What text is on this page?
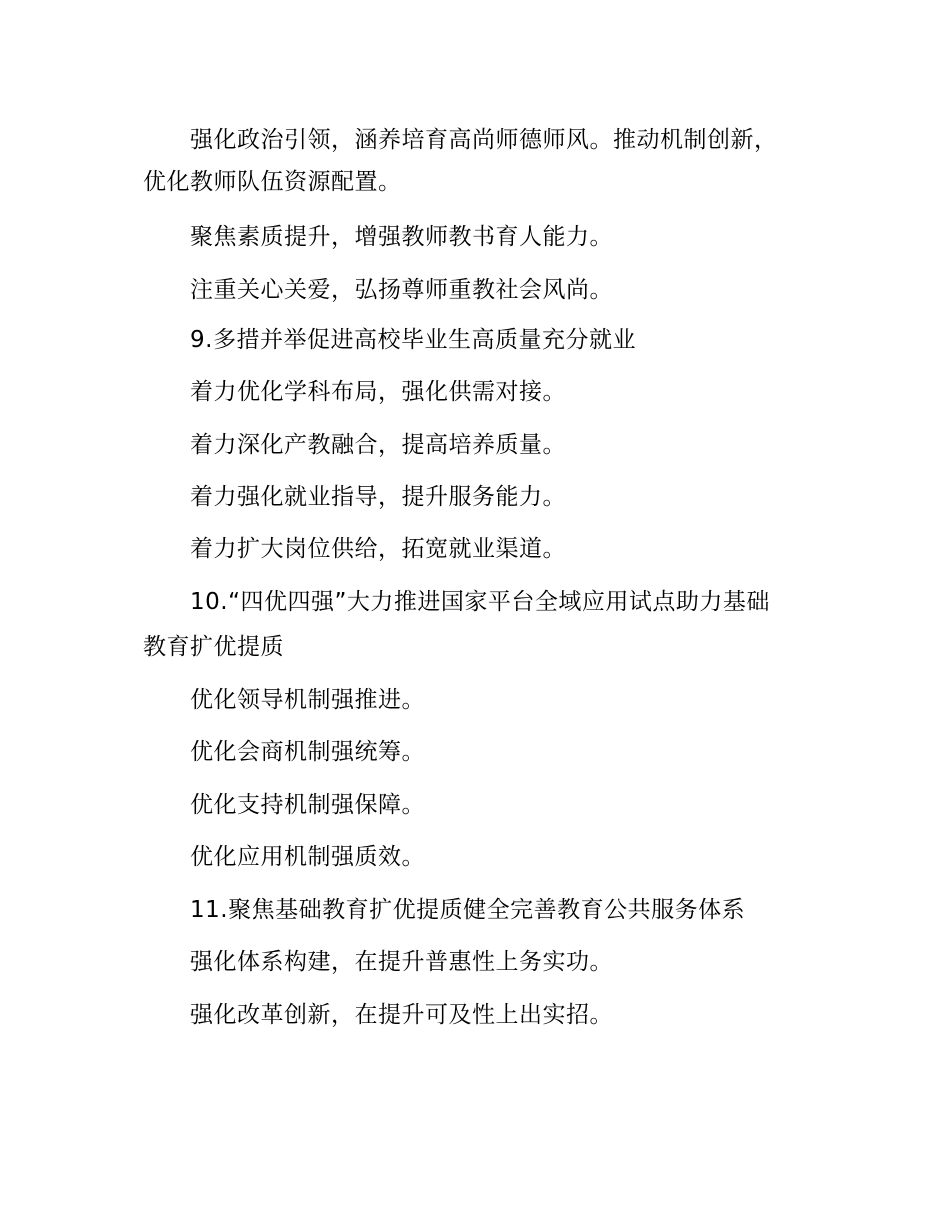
强化政治引领，涵养培育高尚师德师风。推动机制创新，
优化教师队伍资源配置。
聚焦素质提升，增强教师教书育人能力。
注重关心关爱，弘扬尊师重教社会风尚。
9.多措并举促进高校毕业生高质量充分就业
着力优化学科布局，强化供需对接。
着力深化产教融合，提高培养质量。
着力强化就业指导，提升服务能力。
着力扩大岗位供给，拓宽就业渠道。
10.“四优四强”大力推进国家平台全域应用试点助力基础
教育扩优提质
优化领导机制强推进。
优化会商机制强统筹。
优化支持机制强保障。
优化应用机制强质效。
11.聚焦基础教育扩优提质健全完善教育公共服务体系
强化体系构建，在提升普惠性上务实功。
强化改革创新，在提升可及性上出实招。
